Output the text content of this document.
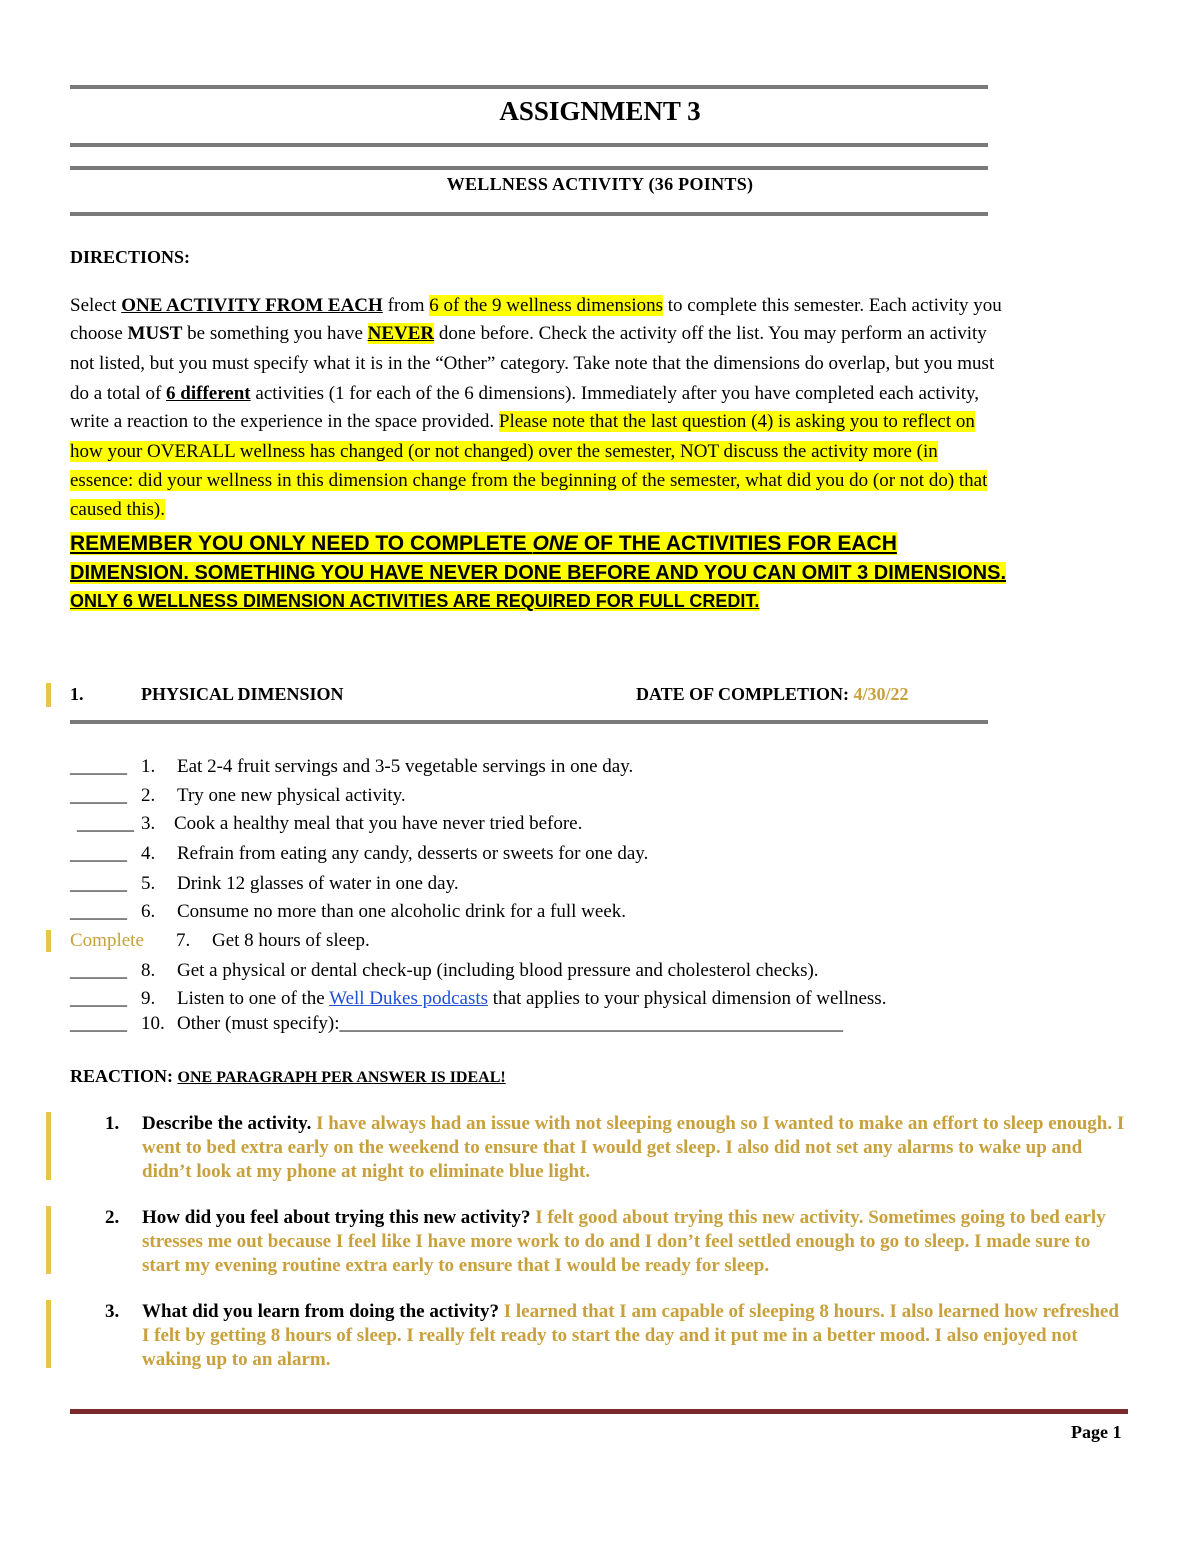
ASSIGNMENT 3
WELLNESS ACTIVITY (36 POINTS)
DIRECTIONS:
Select ONE ACTIVITY FROM EACH from 6 of the 9 wellness dimensions to complete this semester. Each activity you
choose MUST be something you have NEVER done before. Check the activity off the list. You may perform an activity
not listed, but you must specify what it is in the “Other” category. Take note that the dimensions do overlap, but you must
do a total of 6 different activities (1 for each of the 6 dimensions). Immediately after you have completed each activity,
write a reaction to the experience in the space provided. Please note that the last question (4) is asking you to reflect on
how your OVERALL wellness has changed (or not changed) over the semester, NOT discuss the activity more (in
essence: did your wellness in this dimension change from the beginning of the semester, what did you do (or not do) that
caused this).
REMEMBER YOU ONLY NEED TO COMPLETE ONE OF THE ACTIVITIES FOR EACH
DIMENSION. SOMETHING YOU HAVE NEVER DONE BEFORE AND YOU CAN OMIT 3 DIMENSIONS.
ONLY 6 WELLNESS DIMENSION ACTIVITIES ARE REQUIRED FOR FULL CREDIT.
1.	PHYSICAL DIMENSION	DATE OF COMPLETION: 4/30/22
______ 1. Eat 2-4 fruit servings and 3-5 vegetable servings in one day.
______ 2. Try one new physical activity.
______ 3. Cook a healthy meal that you have never tried before.
______ 4. Refrain from eating any candy, desserts or sweets for one day.
______ 5. Drink 12 glasses of water in one day.
______ 6. Consume no more than one alcoholic drink for a full week.
Complete 7. Get 8 hours of sleep.
______ 8. Get a physical or dental check-up (including blood pressure and cholesterol checks).
______ 9. Listen to one of the Well Dukes podcasts that applies to your physical dimension of wellness.
______ 10. Other (must specify):_____________________________________________________
REACTION: ONE PARAGRAPH PER ANSWER IS IDEAL!
1. Describe the activity. I have always had an issue with not sleeping enough so I wanted to make an effort to sleep enough. I went to bed extra early on the weekend to ensure that I would get sleep. I also did not set any alarms to wake up and didn’t look at my phone at night to eliminate blue light.
2. How did you feel about trying this new activity? I felt good about trying this new activity. Sometimes going to bed early stresses me out because I feel like I have more work to do and I don’t feel settled enough to go to sleep. I made sure to start my evening routine extra early to ensure that I would be ready for sleep.
3. What did you learn from doing the activity? I learned that I am capable of sleeping 8 hours. I also learned how refreshed I felt by getting 8 hours of sleep. I really felt ready to start the day and it put me in a better mood. I also enjoyed not waking up to an alarm.
Page 1
